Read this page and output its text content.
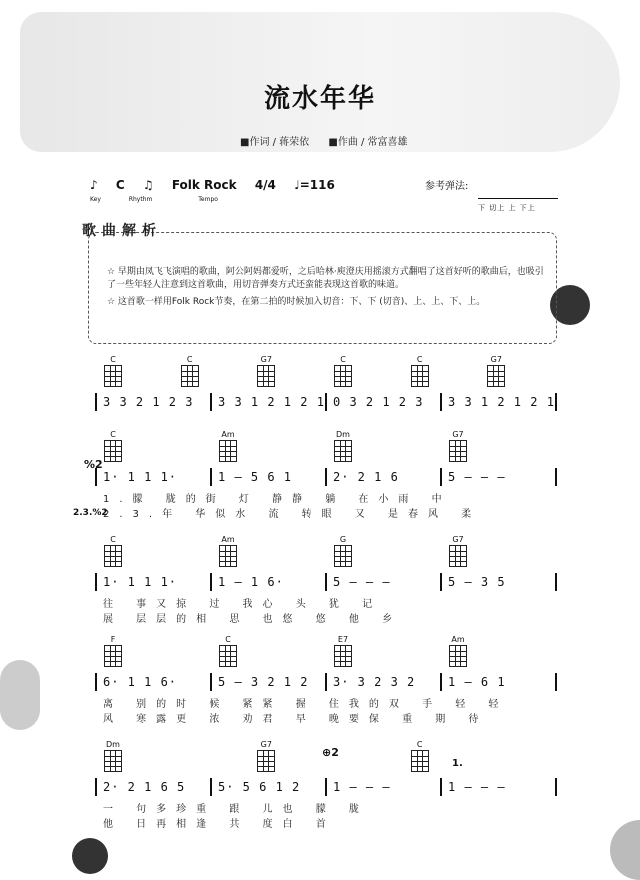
流水年华
■作词 / 蒋荣依 ■作曲 / 常富喜雄
♪ C ♫ Folk Rock 4/4 ♩=116
Key	Rhythm	Tempo
参考弹法:
下 切上 上 下上
歌曲解析
☆ 早期由凤飞飞演唱的歌曲，阿公阿妈都爱听，之后哈林·庾澄庆用摇滚方式翻唱了这首好听的歌曲后，也吸引了一些年轻人注意到这首歌曲，用切音弹奏方式还蛮能表现这首歌的味道。
☆ 这首歌一样用Folk Rock节奏，在第二拍的时候加入切音：下、下 (切音)、上、上、下、上。
C	C	G7	C	C	G7
3 3 2 1 2 3 3 3 1 2 1 2 1 0 3 2 1 2 3 3 3 1 2 1 2 1
C	Am	Dm	G7
1· 1 1 1·	1 — 5 6 1	2· 2 1 6	5 — — —
1.朦 胧的街 灯 静静 躺 在小雨 中
2.3.年 华似水 流 转眼 又 是春风 柔
C	Am	G	G7
1· 1 1 1·	1 — 1 6·	5 — — —	5 — 3 5
往 事又掠 过 我心 头 犹 记
展 层层的相 思 也悠 悠 他 乡
F	C	E7	Am
6· 1 1 6·	5 — 3 2 1 2 3· 3 2 3 2	1 — 6 1
离 别的时 候 紧紧 握 住我的双 手 轻 轻
风 寒露更 浓 劝君 早 晚要保 重 期 待
Dm	G7	C
2· 2 1 6 5	5· 5 6 1 2	1 — — —	1 — — —
一 句多珍重 跟 儿也 朦 胧
他 日再相逢 共 度白 首
%2
2.3.%2
⊕2
1.
